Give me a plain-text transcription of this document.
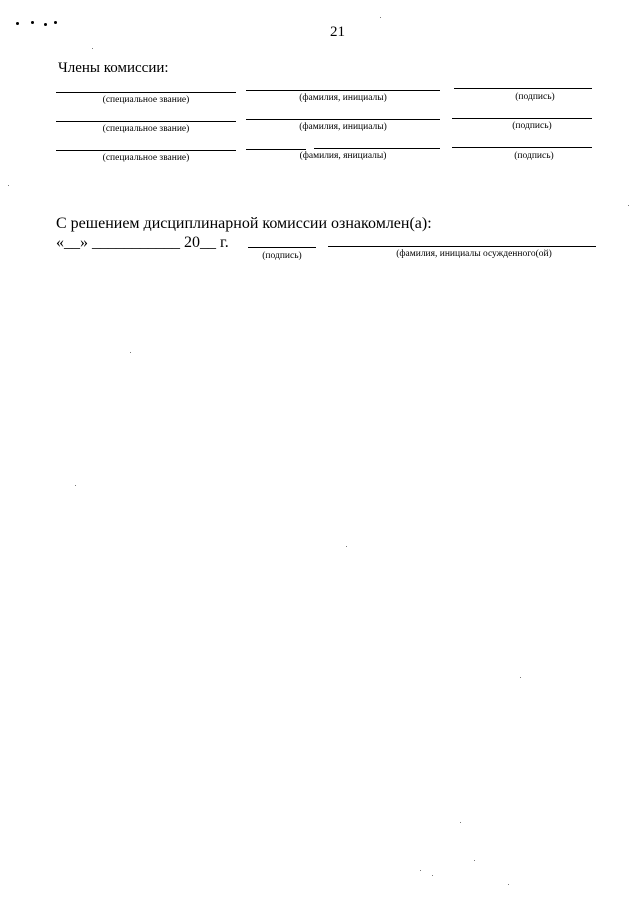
21
Члены комиссии:
(специальное звание)	(фамилия, инициалы)	(подпись)
(специальное звание)	(фамилия, инициалы)	(подпись)
(специальное звание)	(фамилия, янициалы)	(подпись)
С решением дисциплинарной комиссии ознакомлен(а):
«__» ___________ 20__ г.
(подпись)	(фамилия, инициалы осужденного(ой)
